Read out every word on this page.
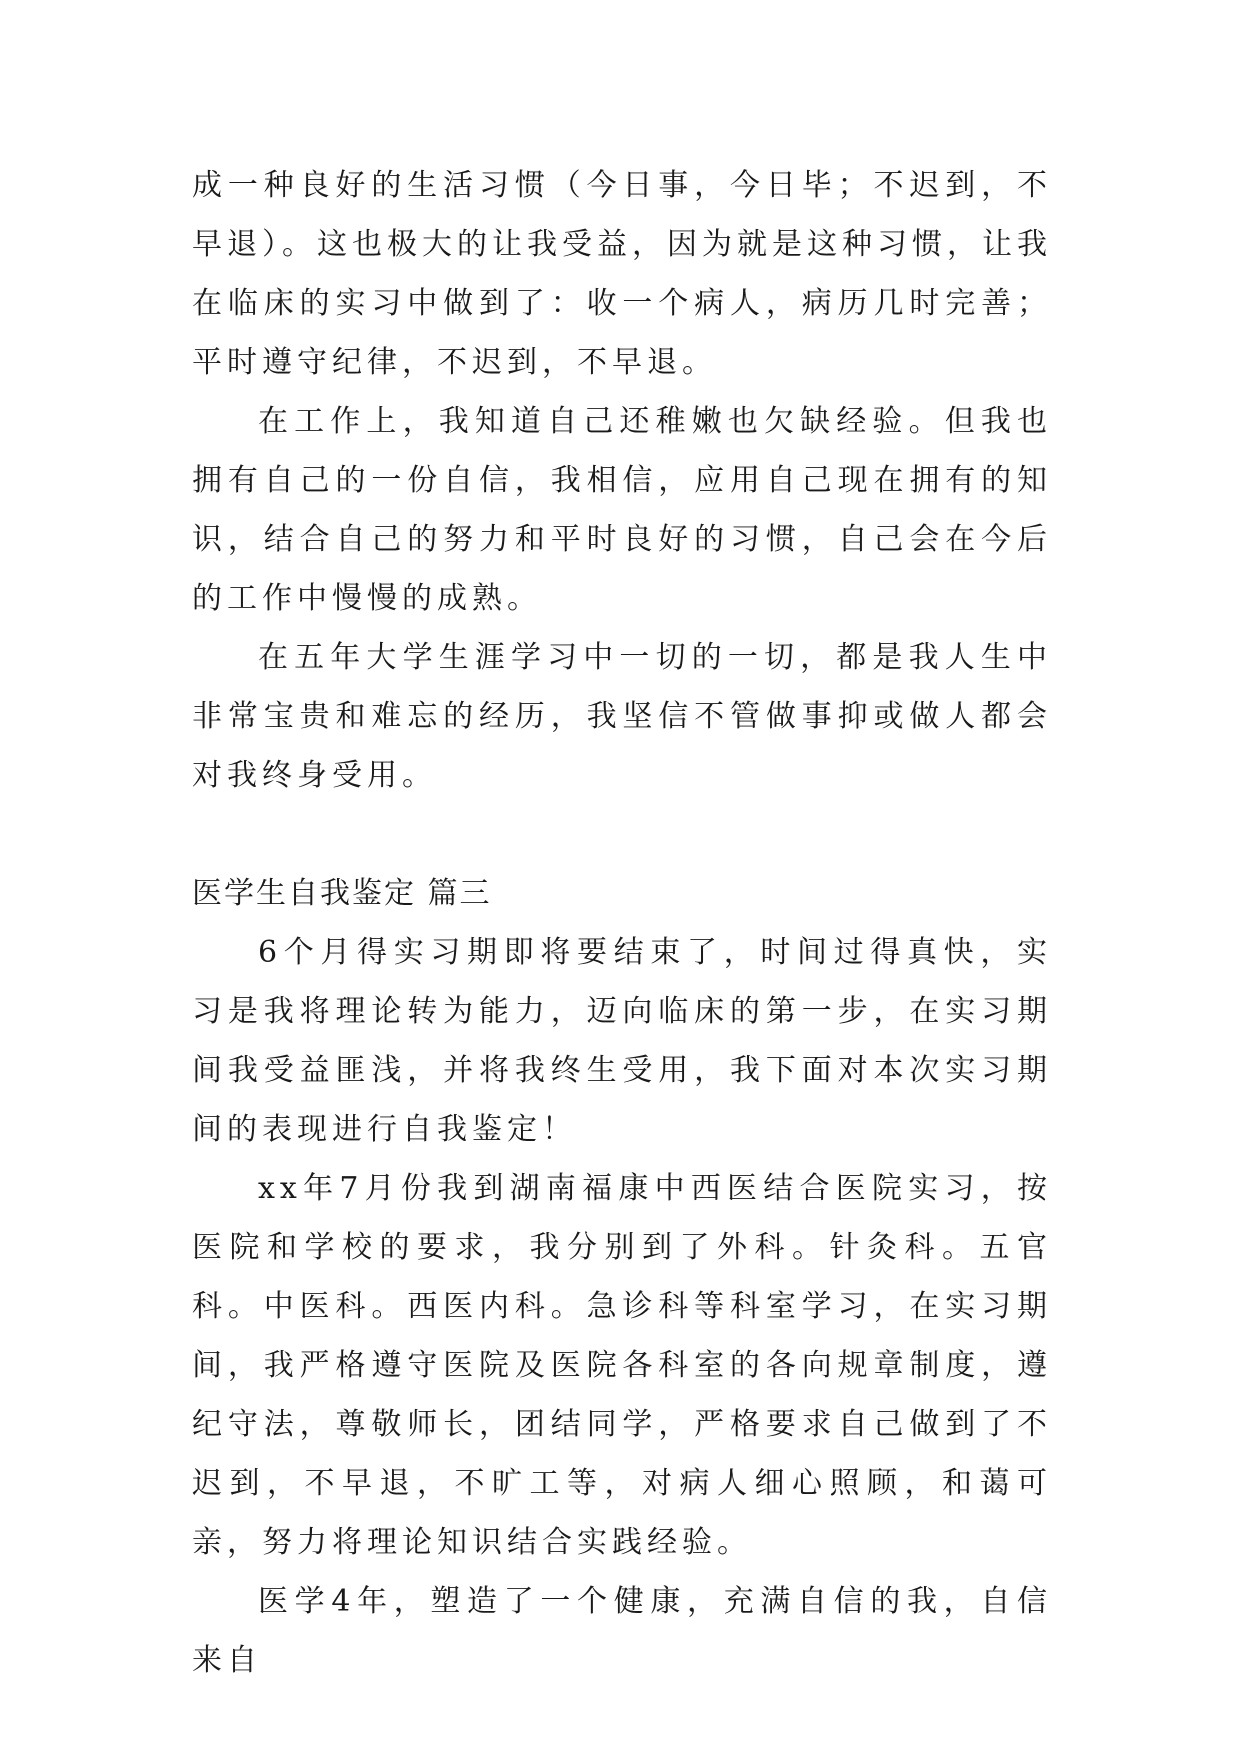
成一种良好的生活习惯（今日事，今日毕；不迟到，不早退）。这也极大的让我受益，因为就是这种习惯，让我在临床的实习中做到了：收一个病人，病历几时完善；平时遵守纪律，不迟到，不早退。

在工作上，我知道自己还稚嫩也欠缺经验。但我也拥有自己的一份自信，我相信，应用自己现在拥有的知识，结合自己的努力和平时良好的习惯，自己会在今后的工作中慢慢的成熟。

在五年大学生涯学习中一切的一切，都是我人生中非常宝贵和难忘的经历，我坚信不管做事抑或做人都会对我终身受用。

医学生自我鉴定 篇三

6个月得实习期即将要结束了，时间过得真快，实习是我将理论转为能力，迈向临床的第一步，在实习期间我受益匪浅，并将我终生受用，我下面对本次实习期间的表现进行自我鉴定！

xx年7月份我到湖南福康中西医结合医院实习，按医院和学校的要求，我分别到了外科。针灸科。五官科。中医科。西医内科。急诊科等科室学习，在实习期间，我严格遵守医院及医院各科室的各向规章制度，遵纪守法，尊敬师长，团结同学，严格要求自己做到了不迟到，不早退，不旷工等，对病人细心照顾，和蔼可亲，努力将理论知识结合实践经验。

医学4年，塑造了一个健康，充满自信的我，自信来自
